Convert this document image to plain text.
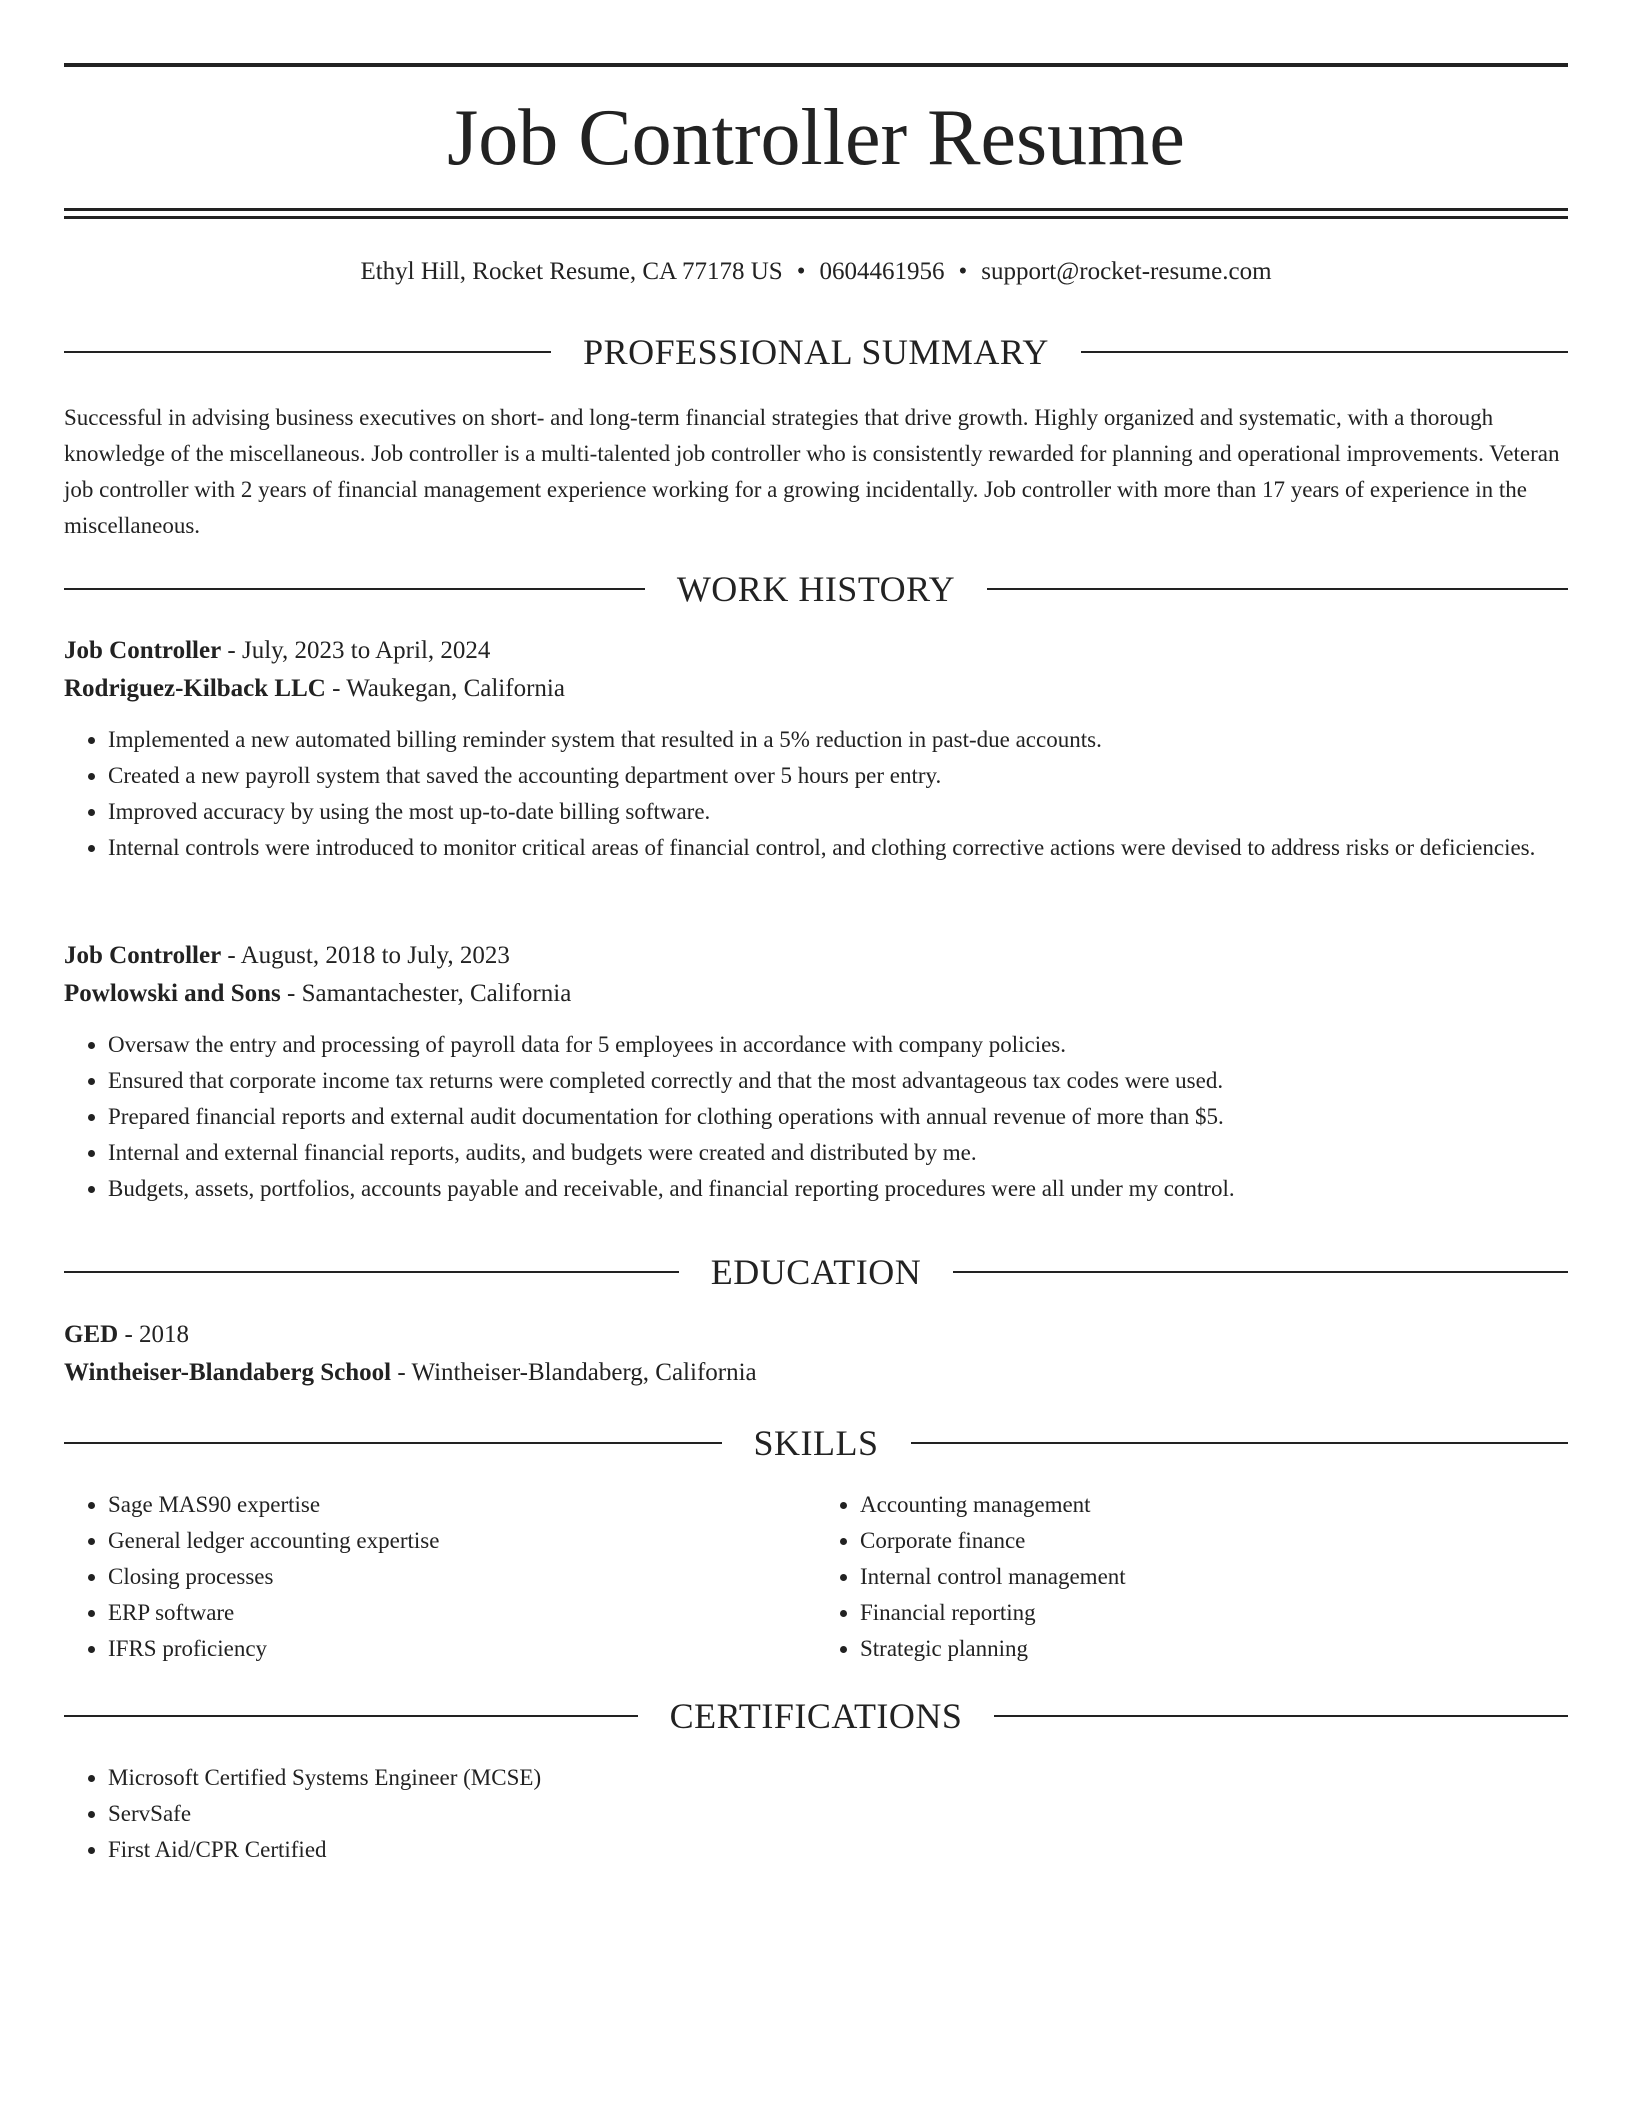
Job Controller Resume
Ethyl Hill, Rocket Resume, CA 77178 US • 0604461956 • support@rocket-resume.com
PROFESSIONAL SUMMARY

Successful in advising business executives on short- and long-term financial strategies that drive growth. Highly organized and systematic, with a thorough knowledge of the miscellaneous. Job controller is a multi-talented job controller who is consistently rewarded for planning and operational improvements. Veteran job controller with 2 years of financial management experience working for a growing incidentally. Job controller with more than 17 years of experience in the miscellaneous.

WORK HISTORY
Job Controller - July, 2023 to April, 2024
Rodriguez-Kilback LLC - Waukegan, California
• Implemented a new automated billing reminder system that resulted in a 5% reduction in past-due accounts.
• Created a new payroll system that saved the accounting department over 5 hours per entry.
• Improved accuracy by using the most up-to-date billing software.
• Internal controls were introduced to monitor critical areas of financial control, and clothing corrective actions were devised to address risks or deficiencies.
Job Controller - August, 2018 to July, 2023
Powlowski and Sons - Samantachester, California
• Oversaw the entry and processing of payroll data for 5 employees in accordance with company policies.
• Ensured that corporate income tax returns were completed correctly and that the most advantageous tax codes were used.
• Prepared financial reports and external audit documentation for clothing operations with annual revenue of more than $5.
• Internal and external financial reports, audits, and budgets were created and distributed by me.
• Budgets, assets, portfolios, accounts payable and receivable, and financial reporting procedures were all under my control.
EDUCATION
GED - 2018
Wintheiser-Blandaberg School - Wintheiser-Blandaberg, California
SKILLS
• Sage MAS90 expertise
• General ledger accounting expertise
• Closing processes
• ERP software
• IFRS proficiency
• Accounting management
• Corporate finance
• Internal control management
• Financial reporting
• Strategic planning
CERTIFICATIONS
• Microsoft Certified Systems Engineer (MCSE)
• ServSafe
• First Aid/CPR Certified
